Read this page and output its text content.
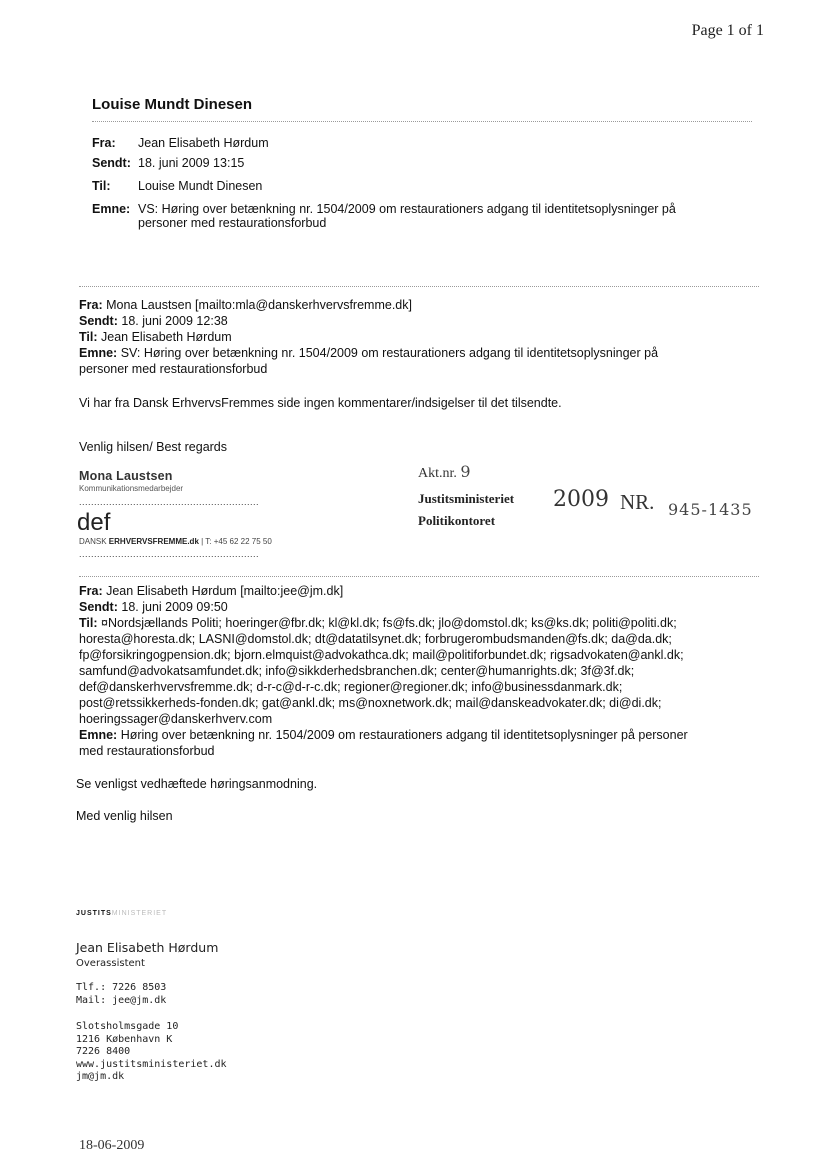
Page 1 of 1
Louise Mundt Dinesen
Fra:	Jean Elisabeth Hørdum
Sendt: 18. juni 2009 13:15
Til:	Louise Mundt Dinesen
Emne: VS: Høring over betænkning nr. 1504/2009 om restaurationers adgang til identitetsoplysninger på
personer med restaurationsforbud
Fra: Mona Laustsen [mailto:mla@danskerhvervsfremme.dk]
Sendt: 18. juni 2009 12:38
Til: Jean Elisabeth Hørdum
Emne: SV: Høring over betænkning nr. 1504/2009 om restaurationers adgang til identitetsoplysninger på
personer med restaurationsforbud
Vi har fra Dansk ErhvervsFremmes side ingen kommentarer/indsigelser til det tilsendte.
Venlig hilsen/ Best regards
Mona Laustsen
Kommunikationsmedarbejder
............................................................
def
DANSK ERHVERVSFREMME.dk | T: +45 62 22 75 50
............................................................
Akt.nr. 9
Justitsministeriet
Politikontoret
2009 NR. 945-1435
Fra: Jean Elisabeth Hørdum [mailto:jee@jm.dk]
Sendt: 18. juni 2009 09:50
Til: ¤Nordsjællands Politi; hoeringer@fbr.dk; kl@kl.dk; fs@fs.dk; jlo@domstol.dk; ks@ks.dk; politi@politi.dk;
horesta@horesta.dk; LASNI@domstol.dk; dt@datatilsynet.dk; forbrugerombudsmanden@fs.dk; da@da.dk;
fp@forsikringogpension.dk; bjorn.elmquist@advokathca.dk; mail@politiforbundet.dk; rigsadvokaten@ankl.dk;
samfund@advokatsamfundet.dk; info@sikkderhedsbranchen.dk; center@humanrights.dk; 3f@3f.dk;
def@danskerhvervsfremme.dk; d-r-c@d-r-c.dk; regioner@regioner.dk; info@businessdanmark.dk;
post@retssikkerheds-fonden.dk; gat@ankl.dk; ms@noxnetwork.dk; mail@danskeadvokater.dk; di@di.dk;
hoeringssager@danskerhverv.com
Emne: Høring over betænkning nr. 1504/2009 om restaurationers adgang til identitetsoplysninger på personer
med restaurationsforbud
Se venligst vedhæftede høringsanmodning.
Med venlig hilsen
JUSTITSMINISTERIET
Jean Elisabeth Hørdum
Overassistent
Tlf.: 7226 8503
Mail: jee@jm.dk
Slotsholmsgade 10
1216 København K
7226 8400
www.justitsministeriet.dk
jm@jm.dk
18-06-2009
